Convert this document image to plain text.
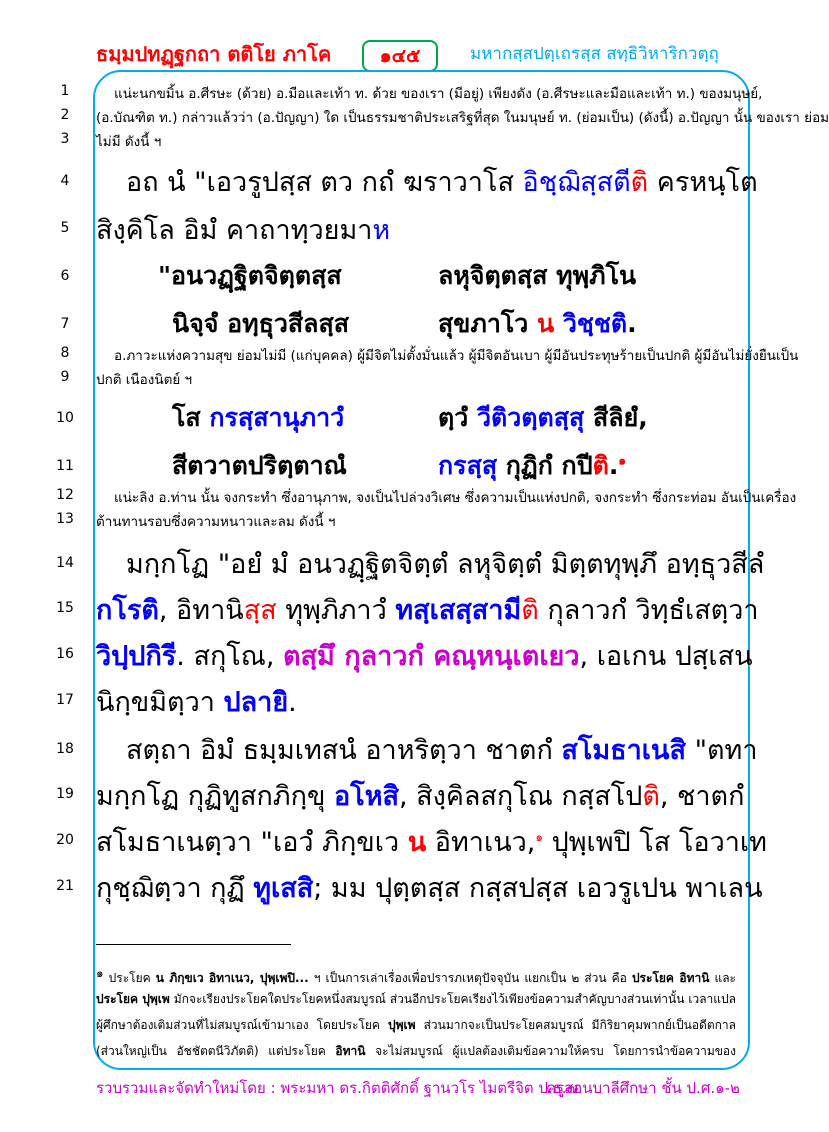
ธมฺมปทฏฺฐกถา ตติโย ภาโค	๑๔๕	มหากสฺสปตฺเถรสฺส สทฺธิวิหาริกวตฺถุ
1	แน่ะนกขมิ้น อ.ศีรษะ (ด้วย) อ.มือและเท้า ท. ด้วย ของเรา (มีอยู่) เพียงดัง (อ.ศีรษะและมือและเท้า ท.) ของมนุษย์,
2	(อ.บัณฑิต ท.) กล่าวแล้วว่า (อ.ปัญญา) ใด เป็นธรรมชาติประเสริฐที่สุด ในมนุษย์ ท. (ย่อมเป็น) (ดังนี้) อ.ปัญญา นั้น ของเรา ย่อม
3	ไม่มี ดังนี้ ฯ
4	อถ นํ "เอวรูปสฺส ตว กถํ ฆราวาโส อิชฺฌิสฺสตีติ ครหนฺโต
5 สิงฺคิโล อิมํ คาถาทฺวยมาห
6	"อนวฏฺฐิตจิตฺตสฺส	ลหุจิตฺตสฺส ทุพฺภิโน
7	นิจฺจํ อทฺธุวสีลสฺส	สุขภาโว น วิชฺชติ.
8	อ.ภาวะแห่งความสุข ย่อมไม่มี (แก่บุคคล) ผู้มีจิตไม่ตั้งมั่นแล้ว ผู้มีจิตอันเบา ผู้มีอันประทุษร้ายเป็นปกติ ผู้มีอันไม่ยั่งยืนเป็น
9	ปกติ เนืองนิตย์ ฯ
10	โส กรสฺสานุภาวํ	ตฺวํ วีติวตฺตสฺสุ สีลิยํ,
11	สีตวาตปริตฺตาณํ	กรสฺสุ กุฏิกํ กปีติ.$^๑$
12	แน่ะลิง อ.ท่าน นั้น จงกระทำ ซึ่งอานุภาพ, จงเป็นไปล่วงวิเศษ ซึ่งความเป็นแห่งปกติ, จงกระทำ ซึ่งกระท่อม อันเป็นเครื่อง
13	ต้านทานรอบซึ่งความหนาวและลม ดังนี้ ฯ
14	มกฺกโฏ "อยํ มํ อนวฏฺฐิตจิตฺตํ ลหุจิตฺตํ มิตฺตทุพฺภึ อทฺธุวสีลํ
15 กโรติ, อิทานิสฺส ทุพฺภิภาวํ ทสฺเสสฺสามีติ กุลาวกํ วิทฺธํเสตฺวา
16 วิปฺปกิรี. สกุโณ, ตสฺมึ กุลาวกํ คณฺหนฺเตเยว, เอเกน ปสฺเสน
17 นิกฺขมิตฺวา ปลายิ.
18	สตฺถา อิมํ ธมฺมเทสนํ อาหริตฺวา ชาตกํ สโมธาเนสิ "ตทา
19 มกฺกโฏ กุฏิทูสกภิกฺขุ อโหสิ, สิงฺคิลสกุโณ กสฺสโปติ, ชาตกํ
20 สโมธาเนตฺวา "เอวํ ภิกฺขเว น อิทาเนว,$^๑$ ปุพฺเพปิ โส โอวาเท
21 กุชฺฌิตฺวา กุฏึ ทูเสสิ; มม ปุตฺตสฺส กสฺสปสฺส เอวรูเปน พาเลน
$^๑$ ประโยค น ภิกฺขเว อิทาเนว, ปุพฺเพปิ... ฯ เป็นการเล่าเรื่องเพื่อปรารภเหตุปัจจุบัน แยกเป็น ๒ ส่วน คือ ประโยค อิทานิ และ
ประโยค ปุพฺเพ มักจะเรียงประโยคใดประโยคหนึ่งสมบูรณ์ ส่วนอีกประโยคเรียงไว้เพียงข้อความสำคัญบางส่วนเท่านั้น เวลาแปล
ผู้ศึกษาต้องเติมส่วนที่ไม่สมบูรณ์เข้ามาเอง โดยประโยค ปุพฺเพ ส่วนมากจะเป็นประโยคสมบูรณ์ มีกิริยาคุมพากย์เป็นอดีตกาล
(ส่วนใหญ่เป็น อัชชัตตนีวิภัตติ) แต่ประโยค อิทานิ จะไม่สมบูรณ์ ผู้แปลต้องเติมข้อความให้ครบ โดยการนำข้อความของ
รวบรวมและจัดทำใหม่โดย : พระมหา ดร.กิตติศักดิ์ ฐานวโร ไมตรีจิต ป.ธ.๗
ครูสอนบาลีศึกษา ชั้น ป.ศ.๑-๒
